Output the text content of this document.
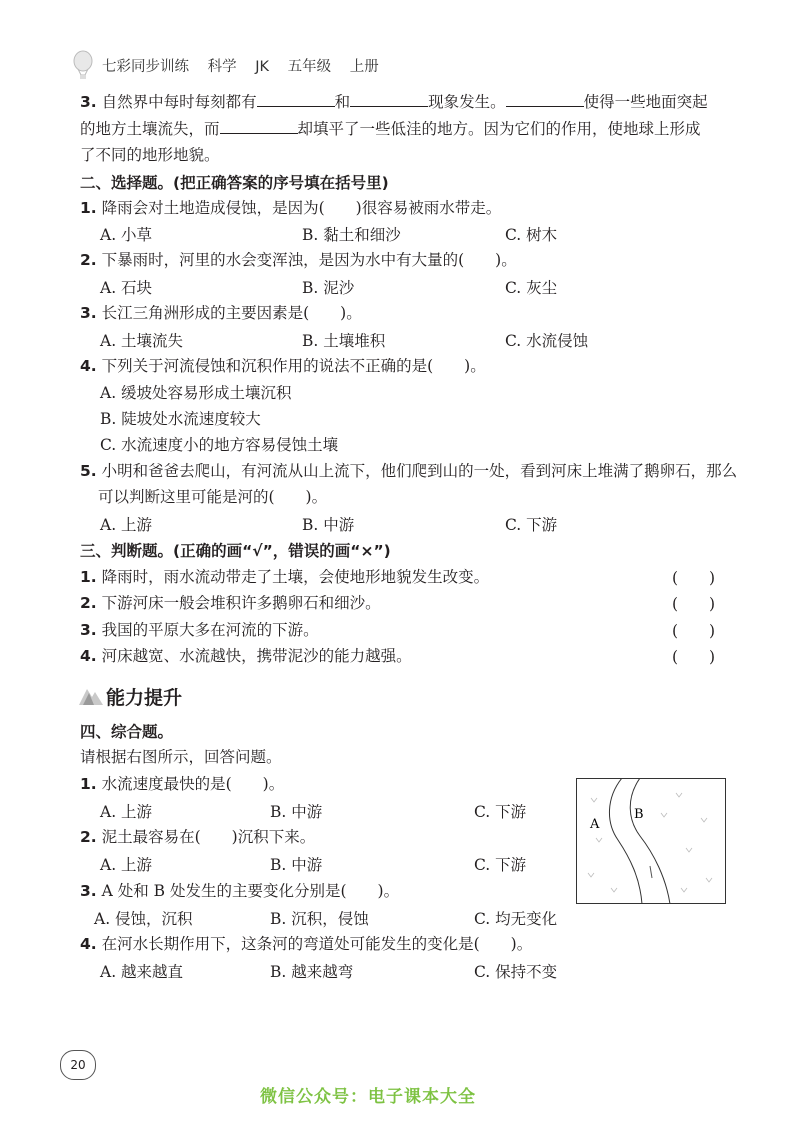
七彩同步训练 科学 JK 五年级 上册
3. 自然界中每时每刻都有	和	现象发生。	使得一些地面突起
的地方土壤流失，而	却填平了一些低洼的地方。因为它们的作用，使地球上形成
了不同的地形地貌。
二、选择题。(把正确答案的序号填在括号里)
1. 降雨会对土地造成侵蚀，是因为(　　)很容易被雨水带走。
A. 小草	B. 黏土和细沙	C. 树木
2. 下暴雨时，河里的水会变浑浊，是因为水中有大量的(　　)。
A. 石块	B. 泥沙	C. 灰尘
3. 长江三角洲形成的主要因素是(　　)。
A. 土壤流失	B. 土壤堆积	C. 水流侵蚀
4. 下列关于河流侵蚀和沉积作用的说法不正确的是(　　)。
A. 缓坡处容易形成土壤沉积
B. 陡坡处水流速度较大
C. 水流速度小的地方容易侵蚀土壤
5. 小明和爸爸去爬山，有河流从山上流下，他们爬到山的一处，看到河床上堆满了鹅卵石，那么
可以判断这里可能是河的(　　)。
A. 上游	B. 中游	C. 下游
三、判断题。(正确的画“√”，错误的画“×”)
1. 降雨时，雨水流动带走了土壤，会使地形地貌发生改变。	(　　)
2. 下游河床一般会堆积许多鹅卵石和细沙。	(　　)
3. 我国的平原大多在河流的下游。	(　　)
4. 河床越宽、水流越快，携带泥沙的能力越强。	(　　)
能力提升
四、综合题。
请根据右图所示，回答问题。
1. 水流速度最快的是(　　)。
A. 上游	B. 中游	C. 下游
2. 泥土最容易在(　　)沉积下来。
A. 上游	B. 中游	C. 下游
3. A 处和 B 处发生的主要变化分别是(　　)。
A. 侵蚀，沉积	B. 沉积，侵蚀	C. 均无变化
4. 在河水长期作用下，这条河的弯道处可能发生的变化是(　　)。
A. 越来越直	B. 越来越弯	C. 保持不变
A
B
20
微信公众号：电子课本大全
